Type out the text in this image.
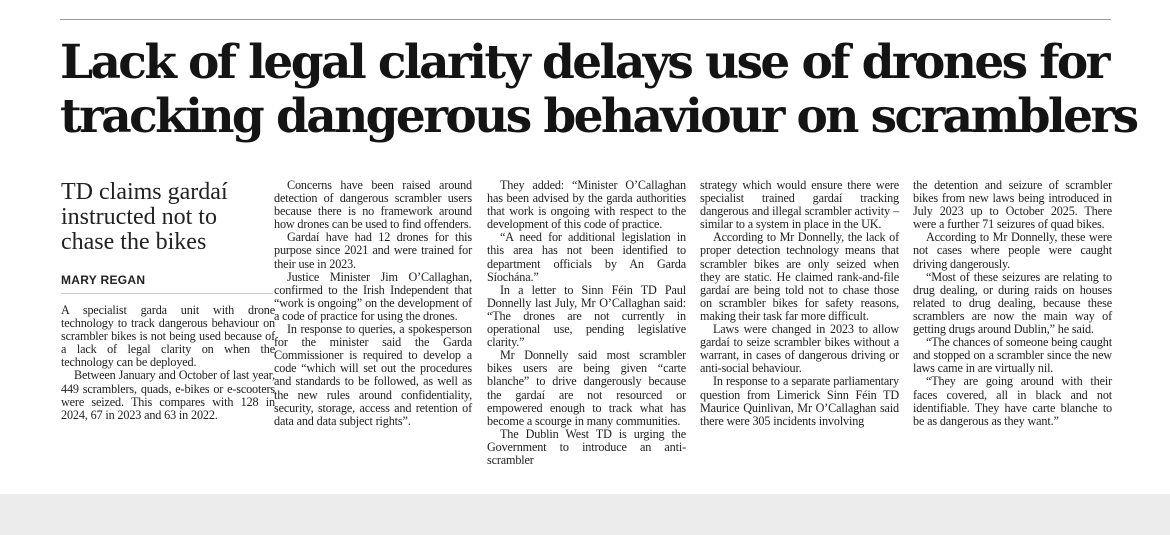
Lack of legal clarity delays use of drones for
tracking dangerous behaviour on scramblers

TD claims gardaí instructed not to chase the bikes

MARY REGAN

A specialist garda unit with drone technology to track dangerous behaviour on scrambler bikes is not being used because of a lack of legal clarity on when the technology can be deployed.

Between January and October of last year, 449 scramblers, quads, e-bikes or e-scooters were seized. This compares with 128 in 2024, 67 in 2023 and 63 in 2022.

Concerns have been raised around detection of dangerous scrambler users because there is no framework around how drones can be used to find offenders.

Gardaí have had 12 drones for this purpose since 2021 and were trained for their use in 2023.

Justice Minister Jim O’Callaghan, confirmed to the Irish Independent that “work is ongoing” on the development of a code of practice for using the drones.

In response to queries, a spokesperson for the minister said the Garda Commissioner is required to develop a code “which will set out the procedures and standards to be followed, as well as the new rules around confidentiality, security, storage, access and retention of data and data subject rights”.

They added: “Minister O’Callaghan has been advised by the garda authorities that work is ongoing with respect to the development of this code of practice.

“A need for additional legislation in this area has not been identified to department officials by An Garda Síochána.”

In a letter to Sinn Féin TD Paul Donnelly last July, Mr O’Callaghan said: “The drones are not currently in operational use, pending legislative clarity.”

Mr Donnelly said most scrambler bikes users are being given “carte blanche” to drive dangerously because the gardaí are not resourced or empowered enough to track what has become a scourge in many communities.

The Dublin West TD is urging the Government to introduce an anti-scrambler

strategy which would ensure there were specialist trained gardaí tracking dangerous and illegal scrambler activity – similar to a system in place in the UK.

According to Mr Donnelly, the lack of proper detection technology means that scrambler bikes are only seized when they are static. He claimed rank-and-file gardaí are being told not to chase those on scrambler bikes for safety reasons, making their task far more difficult.

Laws were changed in 2023 to allow gardaí to seize scrambler bikes without a warrant, in cases of dangerous driving or anti-social behaviour.

In response to a separate parliamentary question from Limerick Sinn Féin TD Maurice Quinlivan, Mr O’Callaghan said there were 305 incidents involving

the detention and seizure of scrambler bikes from new laws being introduced in July 2023 up to October 2025. There were a further 71 seizures of quad bikes.

According to Mr Donnelly, these were not cases where people were caught driving dangerously.

“Most of these seizures are relating to drug dealing, or during raids on houses related to drug dealing, because these scramblers are now the main way of getting drugs around Dublin,” he said.

“The chances of someone being caught and stopped on a scrambler since the new laws came in are virtually nil.

“They are going around with their faces covered, all in black and not identifiable. They have carte blanche to be as dangerous as they want.”
